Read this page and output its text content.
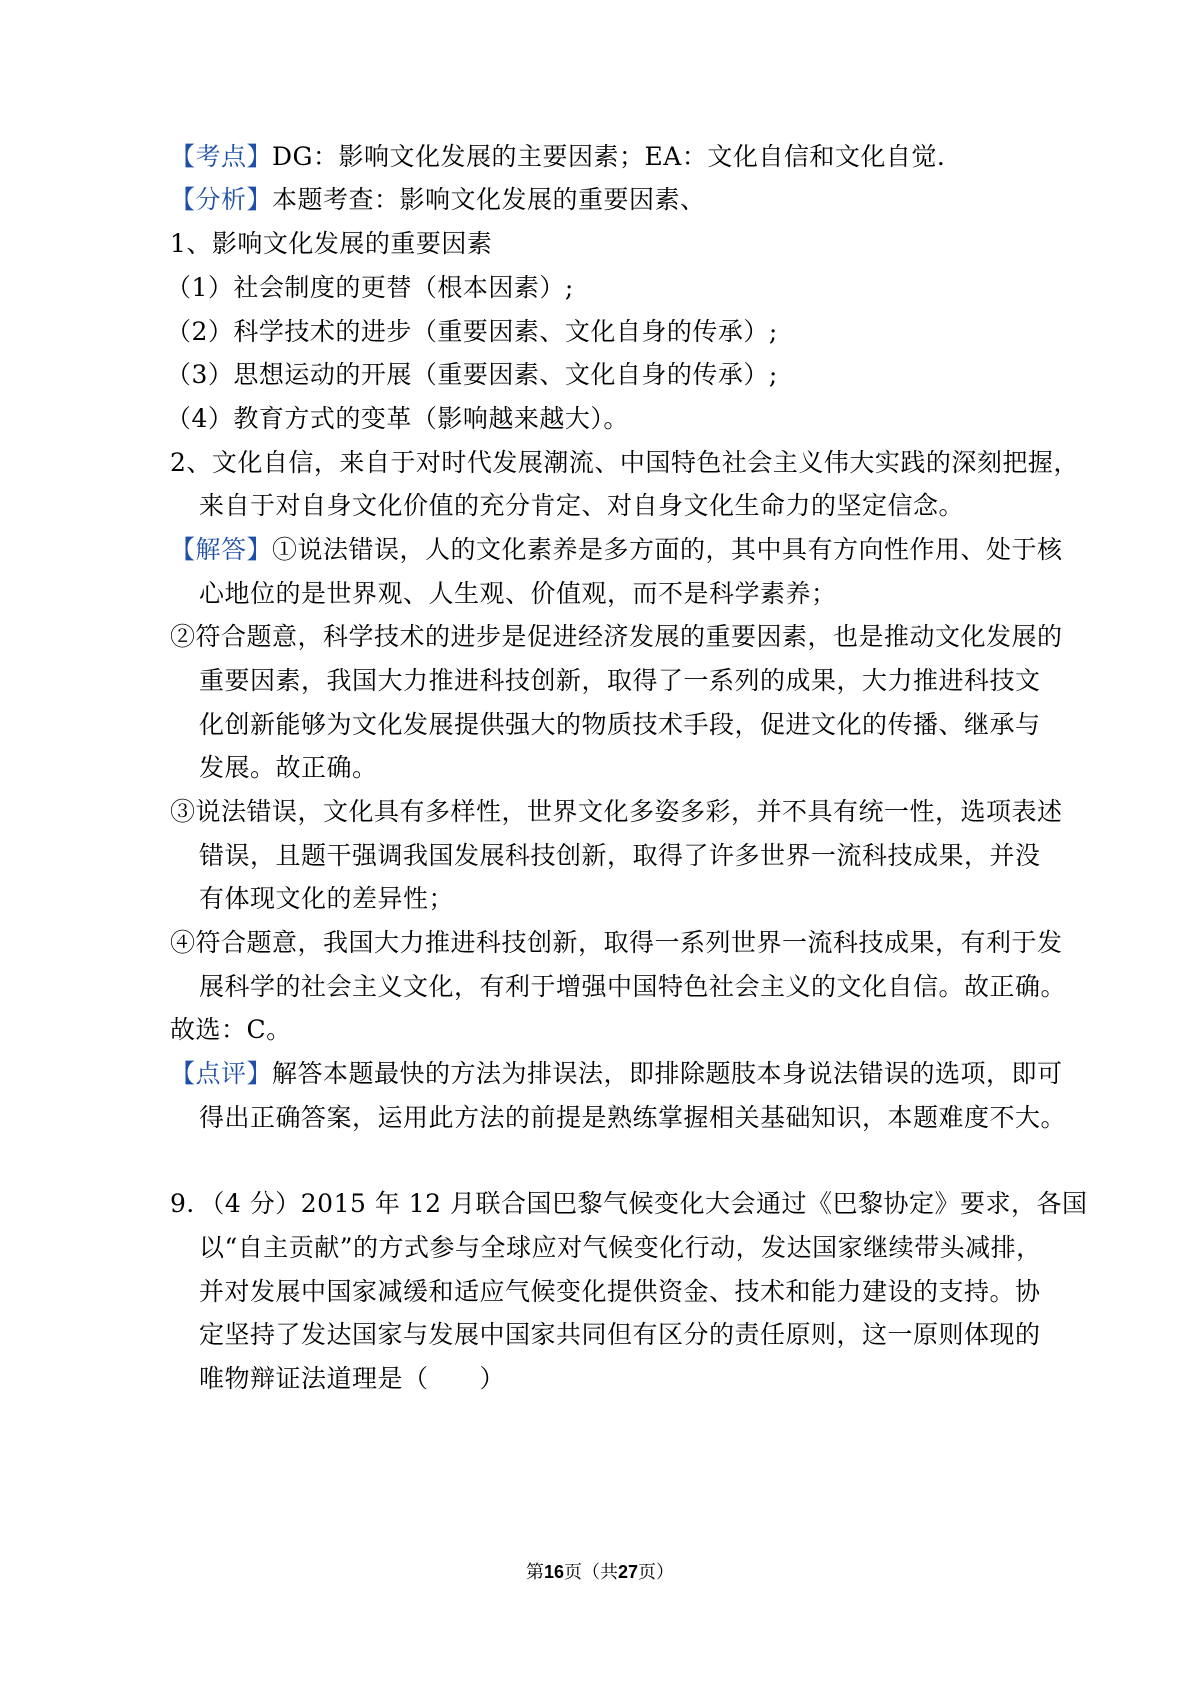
【考点】DG：影响文化发展的主要因素；EA：文化自信和文化自觉.
【分析】本题考查：影响文化发展的重要因素、
1、影响文化发展的重要因素
（1）社会制度的更替（根本因素）;
（2）科学技术的进步（重要因素、文化自身的传承）;
（3）思想运动的开展（重要因素、文化自身的传承）;
（4）教育方式的变革（影响越来越大）。
2、文化自信，来自于对时代发展潮流、中国特色社会主义伟大实践的深刻把握，
来自于对自身文化价值的充分肯定、对自身文化生命力的坚定信念。
【解答】①说法错误，人的文化素养是多方面的，其中具有方向性作用、处于核
心地位的是世界观、人生观、价值观，而不是科学素养；
②符合题意，科学技术的进步是促进经济发展的重要因素，也是推动文化发展的
重要因素，我国大力推进科技创新，取得了一系列的成果，大力推进科技文
化创新能够为文化发展提供强大的物质技术手段，促进文化的传播、继承与
发展。故正确。
③说法错误，文化具有多样性，世界文化多姿多彩，并不具有统一性，选项表述
错误，且题干强调我国发展科技创新，取得了许多世界一流科技成果，并没
有体现文化的差异性；
④符合题意，我国大力推进科技创新，取得一系列世界一流科技成果，有利于发
展科学的社会主义文化，有利于增强中国特色社会主义的文化自信。故正确。
故选：C。
【点评】解答本题最快的方法为排误法，即排除题肢本身说法错误的选项，即可
得出正确答案，运用此方法的前提是熟练掌握相关基础知识，本题难度不大。
9．（4 分）2015 年 12 月联合国巴黎气候变化大会通过《巴黎协定》要求，各国
以“自主贡献”的方式参与全球应对气候变化行动，发达国家继续带头减排，
并对发展中国家减缓和适应气候变化提供资金、技术和能力建设的支持。协
定坚持了发达国家与发展中国家共同但有区分的责任原则，这一原则体现的
唯物辩证法道理是（　　）
第16页（共27页）
